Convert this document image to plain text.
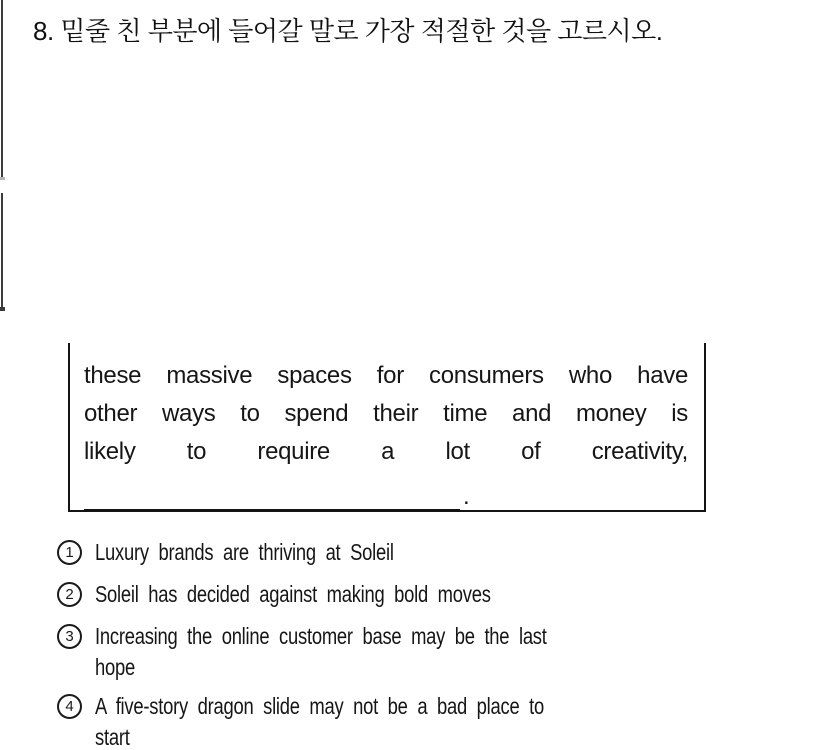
8. 밑줄 친 부분에 들어갈 말로 가장 적절한 것을 고르시오.
these massive spaces for consumers who have
other ways to spend their time and money is
likely to require a lot of creativity,
.
1 Luxury brands are thriving at Soleil
2 Soleil has decided against making bold moves
3 Increasing the online customer base may be the last
hope
4 A five-story dragon slide may not be a bad place to
start
